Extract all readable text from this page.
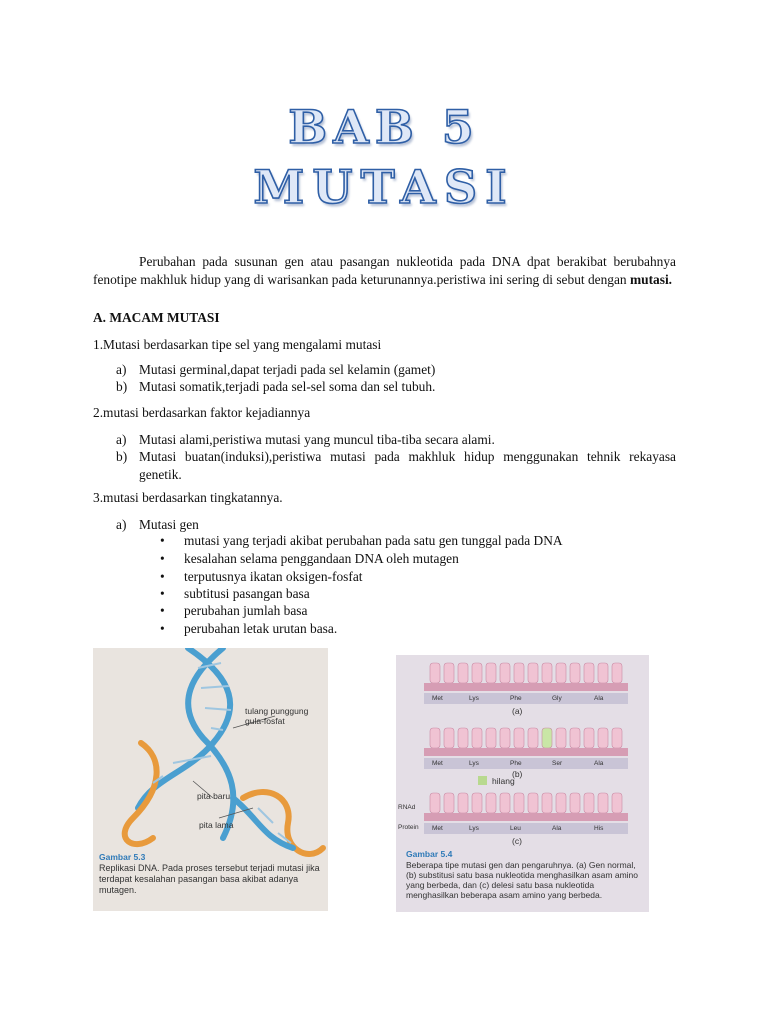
BAB 5
MUTASI
Perubahan pada susunan gen atau pasangan nukleotida pada DNA dpat berakibat berubahnya fenotipe makhluk hidup yang di warisankan pada keturunannya.peristiwa ini sering di sebut dengan mutasi.
A. MACAM MUTASI
1.Mutasi berdasarkan tipe sel yang mengalami mutasi
a) Mutasi germinal,dapat terjadi pada sel kelamin (gamet)
b) Mutasi somatik,terjadi pada sel-sel soma dan sel tubuh.
2.mutasi berdasarkan faktor kejadiannya
a) Mutasi alami,peristiwa mutasi yang muncul tiba-tiba secara alami.
b) Mutasi buatan(induksi),peristiwa mutasi pada makhluk hidup menggunakan tehnik rekayasa genetik.
3.mutasi berdasarkan tingkatannya.
a) Mutasi gen
• mutasi yang terjadi akibat perubahan pada satu gen tunggal pada DNA
• kesalahan selama penggandaan DNA oleh mutagen
• terputusnya ikatan oksigen-fosfat
• subtitusi pasangan basa
• perubahan jumlah basa
• perubahan letak urutan basa.
tulang punggung gula-fosfat
pita baru
pita lama
Gambar 5.3
Replikasi DNA. Pada proses tersebut terjadi mutasi jika terdapat kesalahan pasangan basa akibat adanya mutagen.
Met	Lys	Phe	Gly	Ala
(a)
Met	Lys	Phe	Ser	Ala
(b)
hilang
RNAd
Protein Met	Lys	Leu	Ala	His
(c)
Gambar 5.4
Beberapa tipe mutasi gen dan pengaruhnya. (a) Gen normal, (b) substitusi satu basa nukleotida menghasilkan asam amino yang berbeda, dan (c) delesi satu basa nukleotida menghasilkan beberapa asam amino yang berbeda.
